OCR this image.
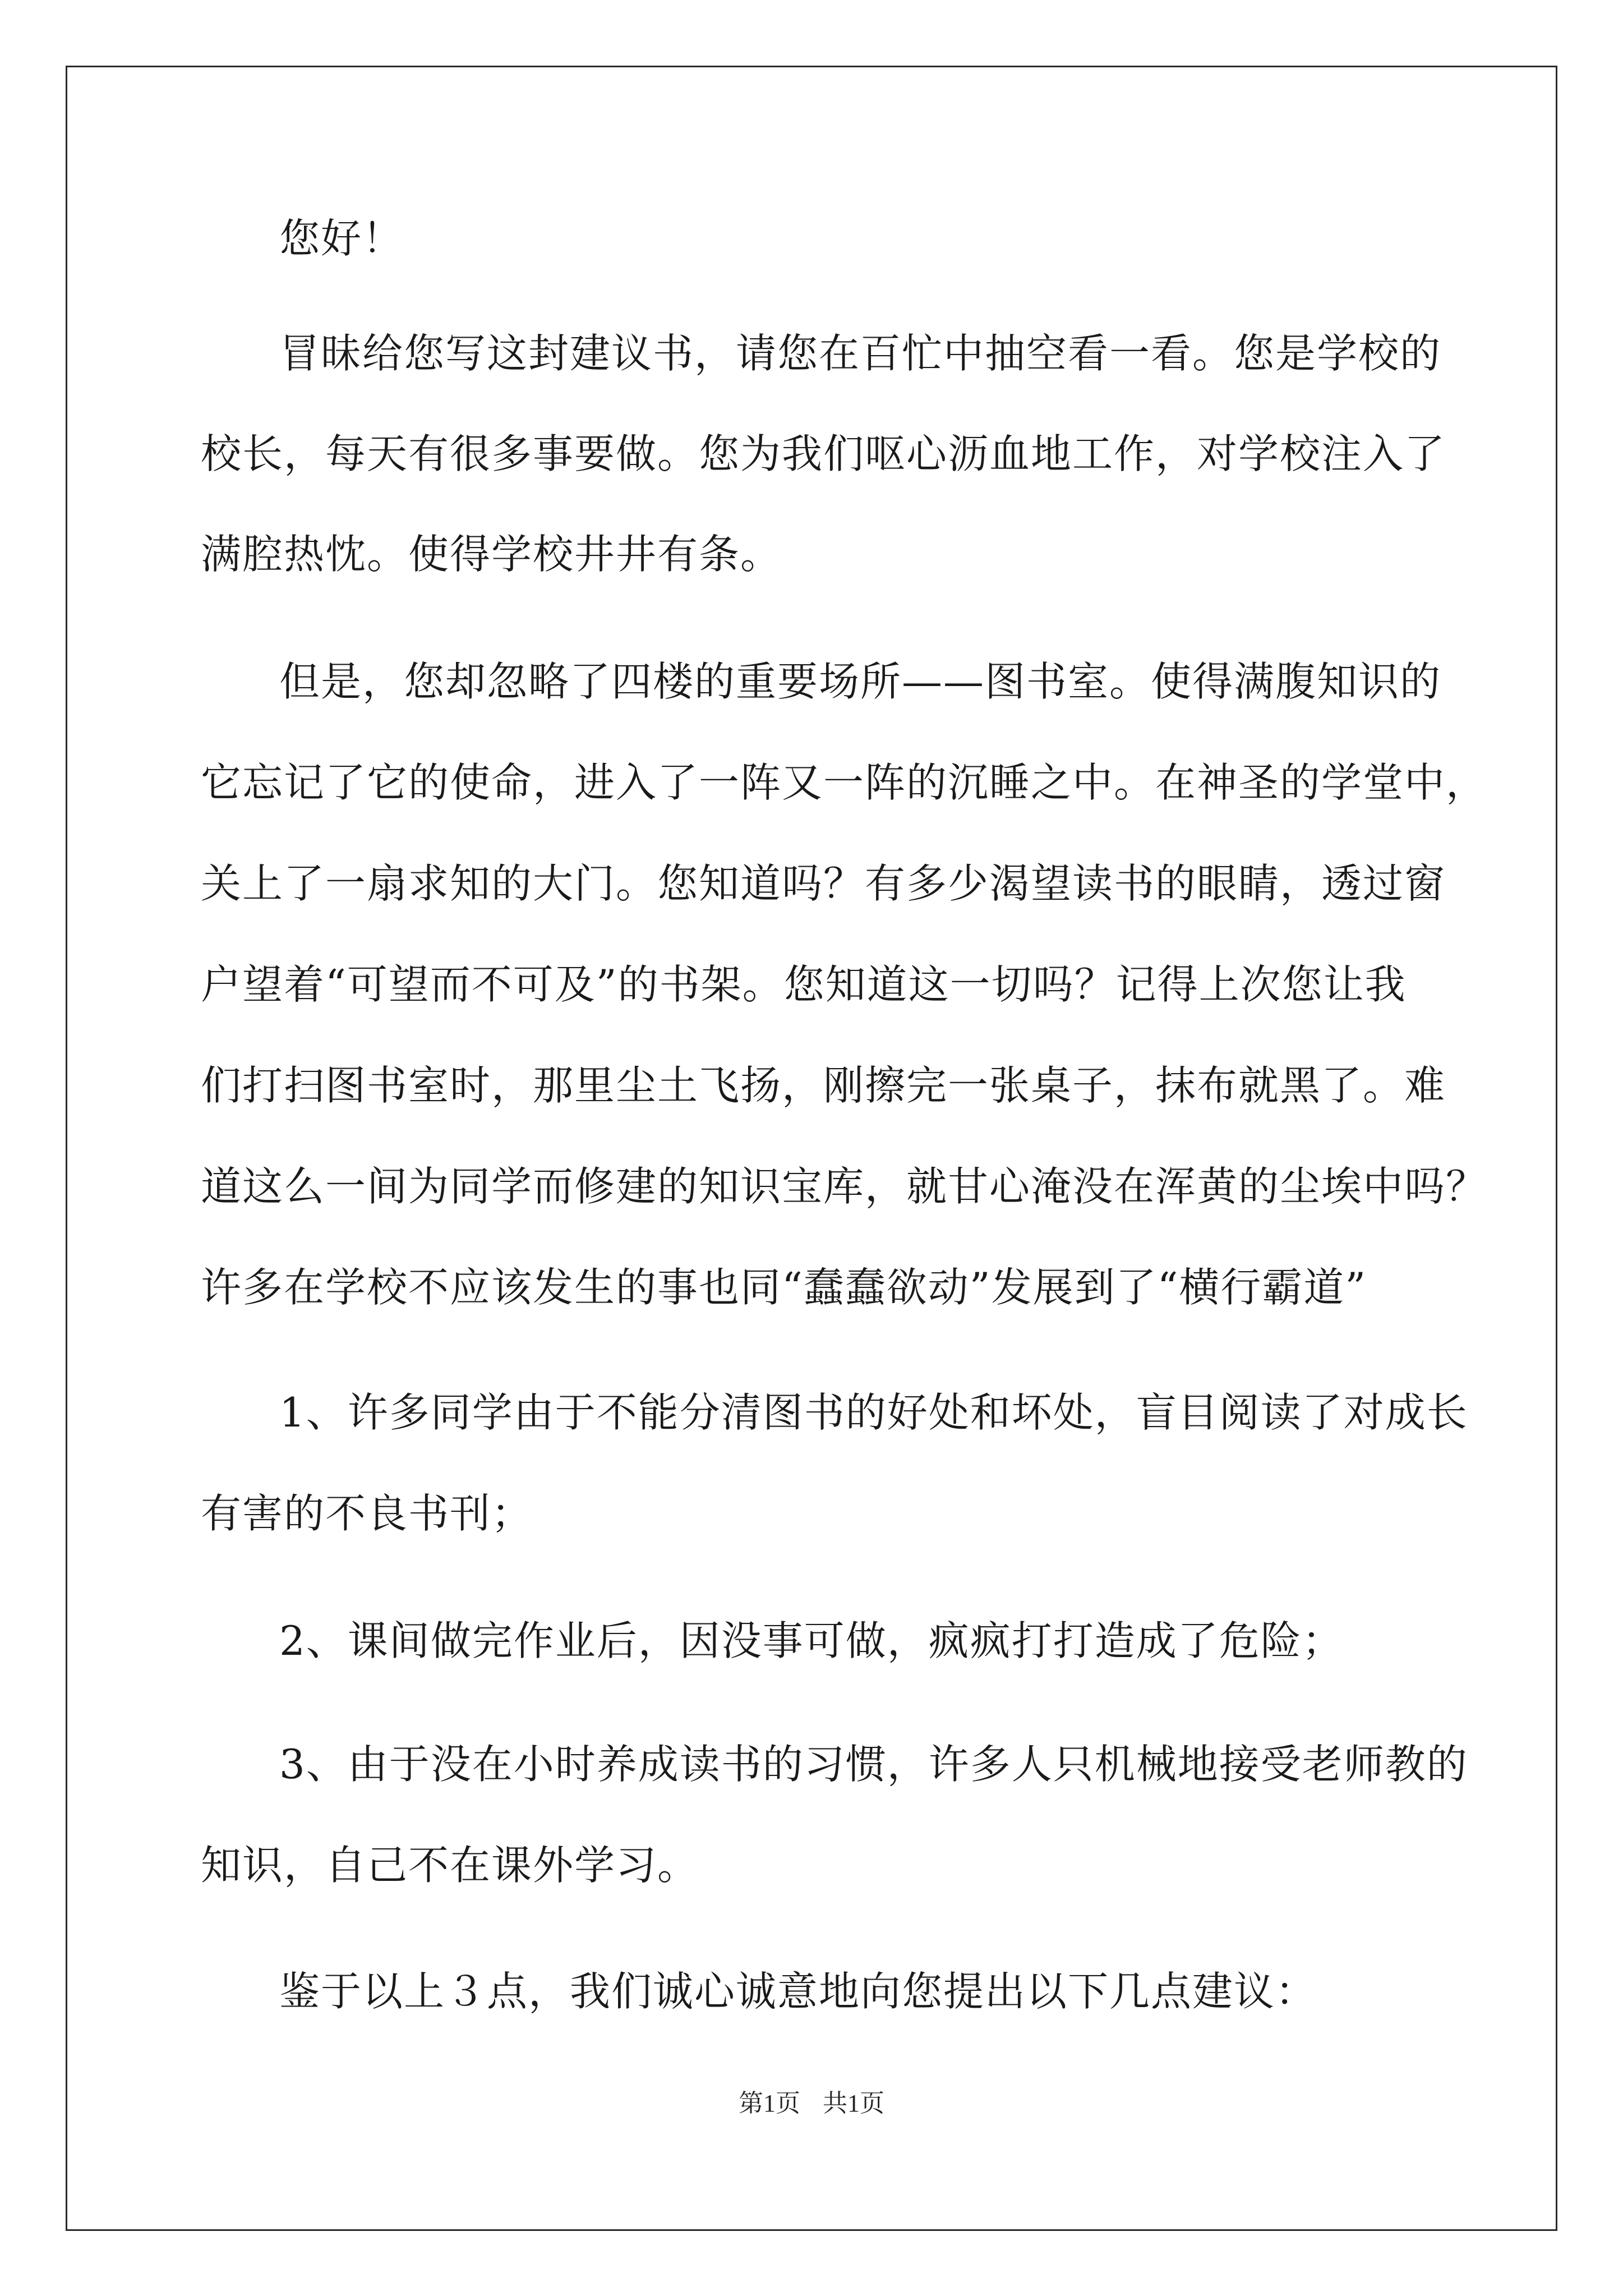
您好！
冒昧给您写这封建议书，请您在百忙中抽空看一看。您是学校的
校长，每天有很多事要做。您为我们呕心沥血地工作，对学校注入了
满腔热忱。使得学校井井有条。
但是，您却忽略了四楼的重要场所——图书室。使得满腹知识的
它忘记了它的使命，进入了一阵又一阵的沉睡之中。在神圣的学堂中，
关上了一扇求知的大门。您知道吗？有多少渴望读书的眼睛，透过窗
户望着“可望而不可及”的书架。您知道这一切吗？记得上次您让我
们打扫图书室时，那里尘土飞扬，刚擦完一张桌子，抹布就黑了。难
道这么一间为同学而修建的知识宝库，就甘心淹没在浑黄的尘埃中吗？
许多在学校不应该发生的事也同“蠢蠢欲动”发展到了“横行霸道”
1、许多同学由于不能分清图书的好处和坏处，盲目阅读了对成长
有害的不良书刊；
2、课间做完作业后，因没事可做，疯疯打打造成了危险；
3、由于没在小时养成读书的习惯，许多人只机械地接受老师教的
知识，自己不在课外学习。
鉴于以上３点，我们诚心诚意地向您提出以下几点建议：
第1页 共1页
